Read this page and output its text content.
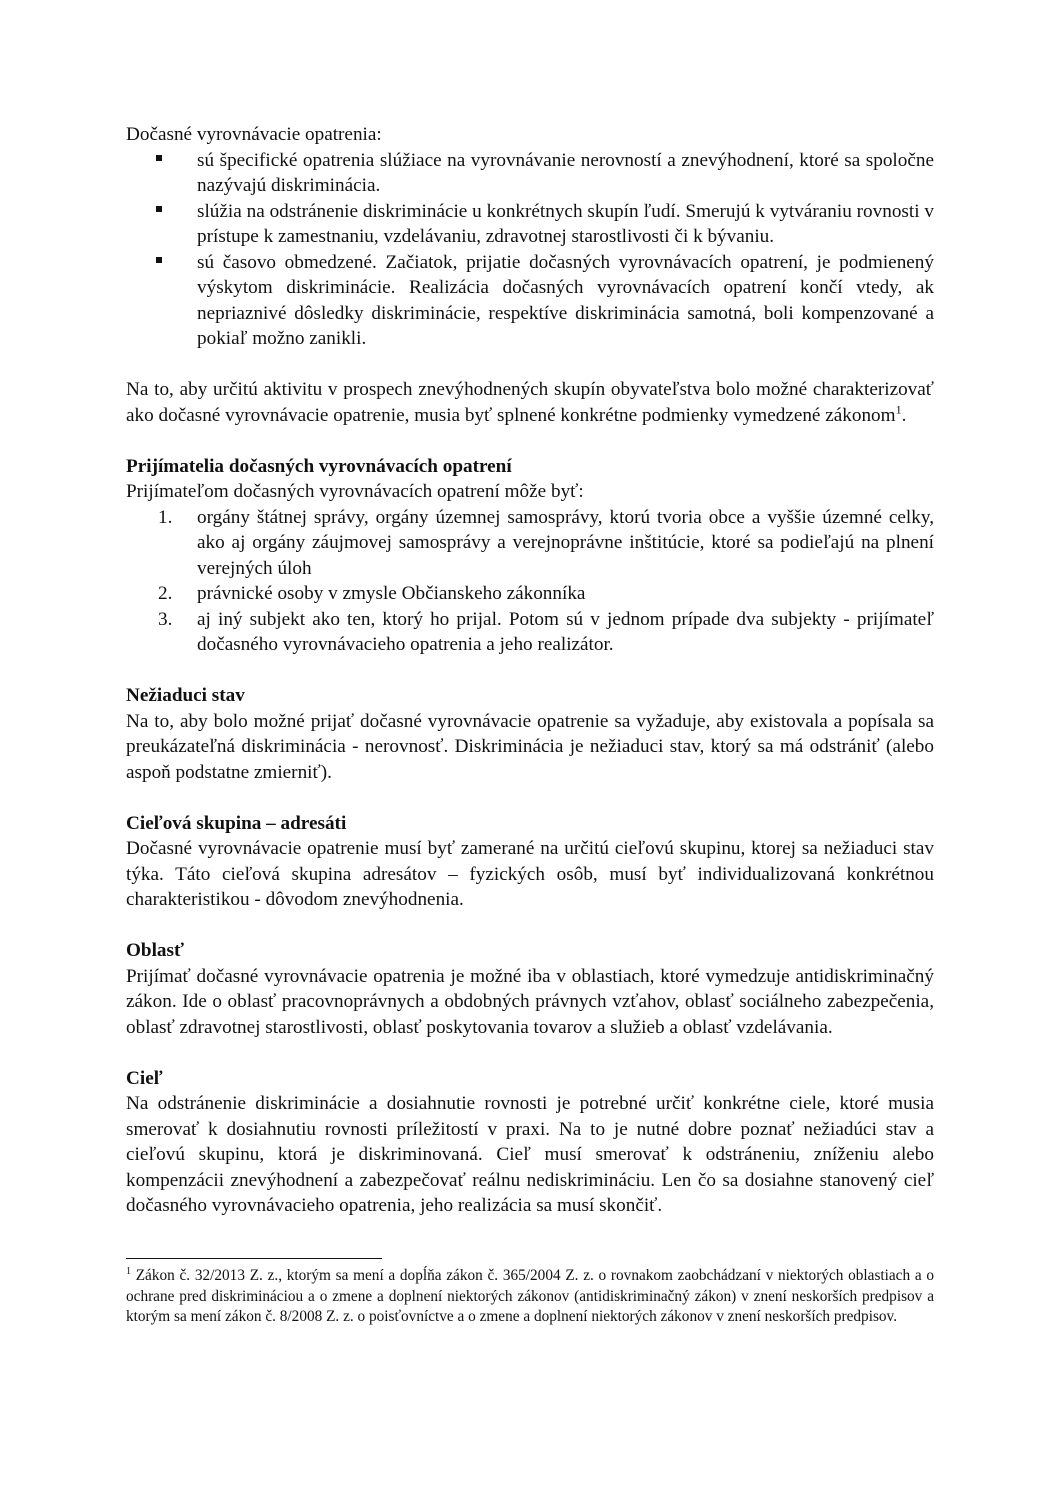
Dočasné vyrovnávacie opatrenia:

sú špecifické opatrenia slúžiace na vyrovnávanie nerovností a znevýhodnení, ktoré sa spoločne nazývajú diskriminácia.
slúžia na odstránenie diskriminácie u konkrétnych skupín ľudí. Smerujú k vytváraniu rovnosti v prístupe k zamestnaniu, vzdelávaniu, zdravotnej starostlivosti či k bývaniu.
sú časovo obmedzené. Začiatok, prijatie dočasných vyrovnávacích opatrení, je podmienený výskytom diskriminácie. Realizácia dočasných vyrovnávacích opatrení končí vtedy, ak nepriaznivé dôsledky diskriminácie, respektíve diskriminácia samotná, boli kompenzované a pokiaľ možno zanikli.

Na to, aby určitú aktivitu v prospech znevýhodnených skupín obyvateľstva bolo možné charakterizovať ako dočasné vyrovnávacie opatrenie, musia byť splnené konkrétne podmienky vymedzené zákonom$^1$.

Prijímatelia dočasných vyrovnávacích opatrení

Prijímateľom dočasných vyrovnávacích opatrení môže byť:

1. orgány štátnej správy, orgány územnej samosprávy, ktorú tvoria obce a vyššie územné celky, ako aj orgány záujmovej samosprávy a verejnoprávne inštitúcie, ktoré sa podieľajú na plnení verejných úloh
2. právnické osoby v zmysle Občianskeho zákonníka
3. aj iný subjekt ako ten, ktorý ho prijal. Potom sú v jednom prípade dva subjekty - prijímateľ dočasného vyrovnávacieho opatrenia a jeho realizátor.

Nežiaduci stav

Na to, aby bolo možné prijať dočasné vyrovnávacie opatrenie sa vyžaduje, aby existovala a popísala sa preukázateľná diskriminácia - nerovnosť. Diskriminácia je nežiaduci stav, ktorý sa má odstrániť (alebo aspoň podstatne zmierniť).

Cieľová skupina – adresáti

Dočasné vyrovnávacie opatrenie musí byť zamerané na určitú cieľovú skupinu, ktorej sa nežiaduci stav týka. Táto cieľová skupina adresátov – fyzických osôb, musí byť individualizovaná konkrétnou charakteristikou - dôvodom znevýhodnenia.

Oblasť

Prijímať dočasné vyrovnávacie opatrenia je možné iba v oblastiach, ktoré vymedzuje antidiskriminačný zákon. Ide o oblasť pracovnoprávnych a obdobných právnych vzťahov, oblasť sociálneho zabezpečenia, oblasť zdravotnej starostlivosti, oblasť poskytovania tovarov a služieb a oblasť vzdelávania.

Cieľ

Na odstránenie diskriminácie a dosiahnutie rovnosti je potrebné určiť konkrétne ciele, ktoré musia smerovať k dosiahnutiu rovnosti príležitostí v praxi. Na to je nutné dobre poznať nežiadúci stav a cieľovú skupinu, ktorá je diskriminovaná. Cieľ musí smerovať k odstráneniu, zníženiu alebo kompenzácii znevýhodnení a zabezpečovať reálnu nediskrimináciu. Len čo sa dosiahne stanovený cieľ dočasného vyrovnávacieho opatrenia, jeho realizácia sa musí skončiť.

$^1$ Zákon č. 32/2013 Z. z., ktorým sa mení a dopĺňa zákon č. 365/2004 Z. z. o rovnakom zaobchádzaní v niektorých oblastiach a o ochrane pred diskrimináciou a o zmene a doplnení niektorých zákonov (antidiskriminačný zákon) v znení neskorších predpisov a ktorým sa mení zákon č. 8/2008 Z. z. o poisťovníctve a o zmene a doplnení niektorých zákonov v znení neskorších predpisov.
